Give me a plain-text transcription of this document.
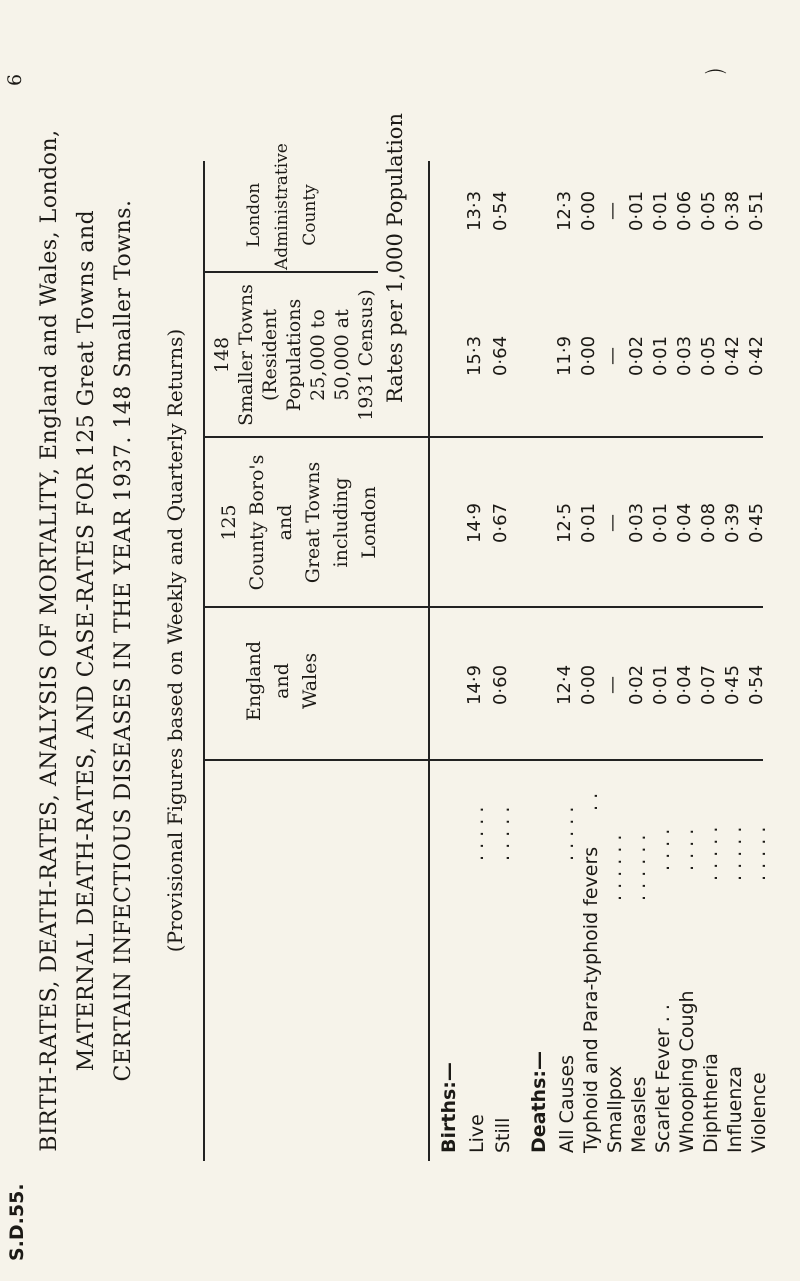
S.D.55.
6
BIRTH-RATES, DEATH-RATES, ANALYSIS OF MORTALITY, England and Wales, London, MATERNAL DEATH-RATES, AND CASE-RATES FOR 125 Great Towns and CERTAIN INFECTIOUS DISEASES IN THE YEAR 1937. 148 Smaller Towns. (Provisional Figures based on Weekly and Quarterly Returns)	England and Wales
125 County Boro's and Great Towns including London
148 Smaller Towns (Resident Populations 25,000 to 50,000 at 1931 Census)
London Administrative County	Rates per 1,000 Population
Births:— Live Still Deaths:— All Causes Typhoid and Para-typhoid fevers Smallpox Measles Scarlet Fever . . Whooping Cough Diphtheria Influenza Violence
. . . . . . . . . . . . . . .
. .
. . . . . . . . . . . . . . . . . . . . . . . . . . . . . . . . . . .
14·9 0·60 12·4 0·00 — 0·02 0·01 0·04 0·07 0·45 0·54
14·9 0·67 12·5 0·01 — 0·03 0·01 0·04 0·08 0·39 0·45
15·3 0·64 11·9 0·00 — 0·02 0·01 0·03 0·05 0·42 0·42
13·3 0·54 12·3 0·00 — 0·01 0·01 0·06 0·05 0·38 0·51
⌒
